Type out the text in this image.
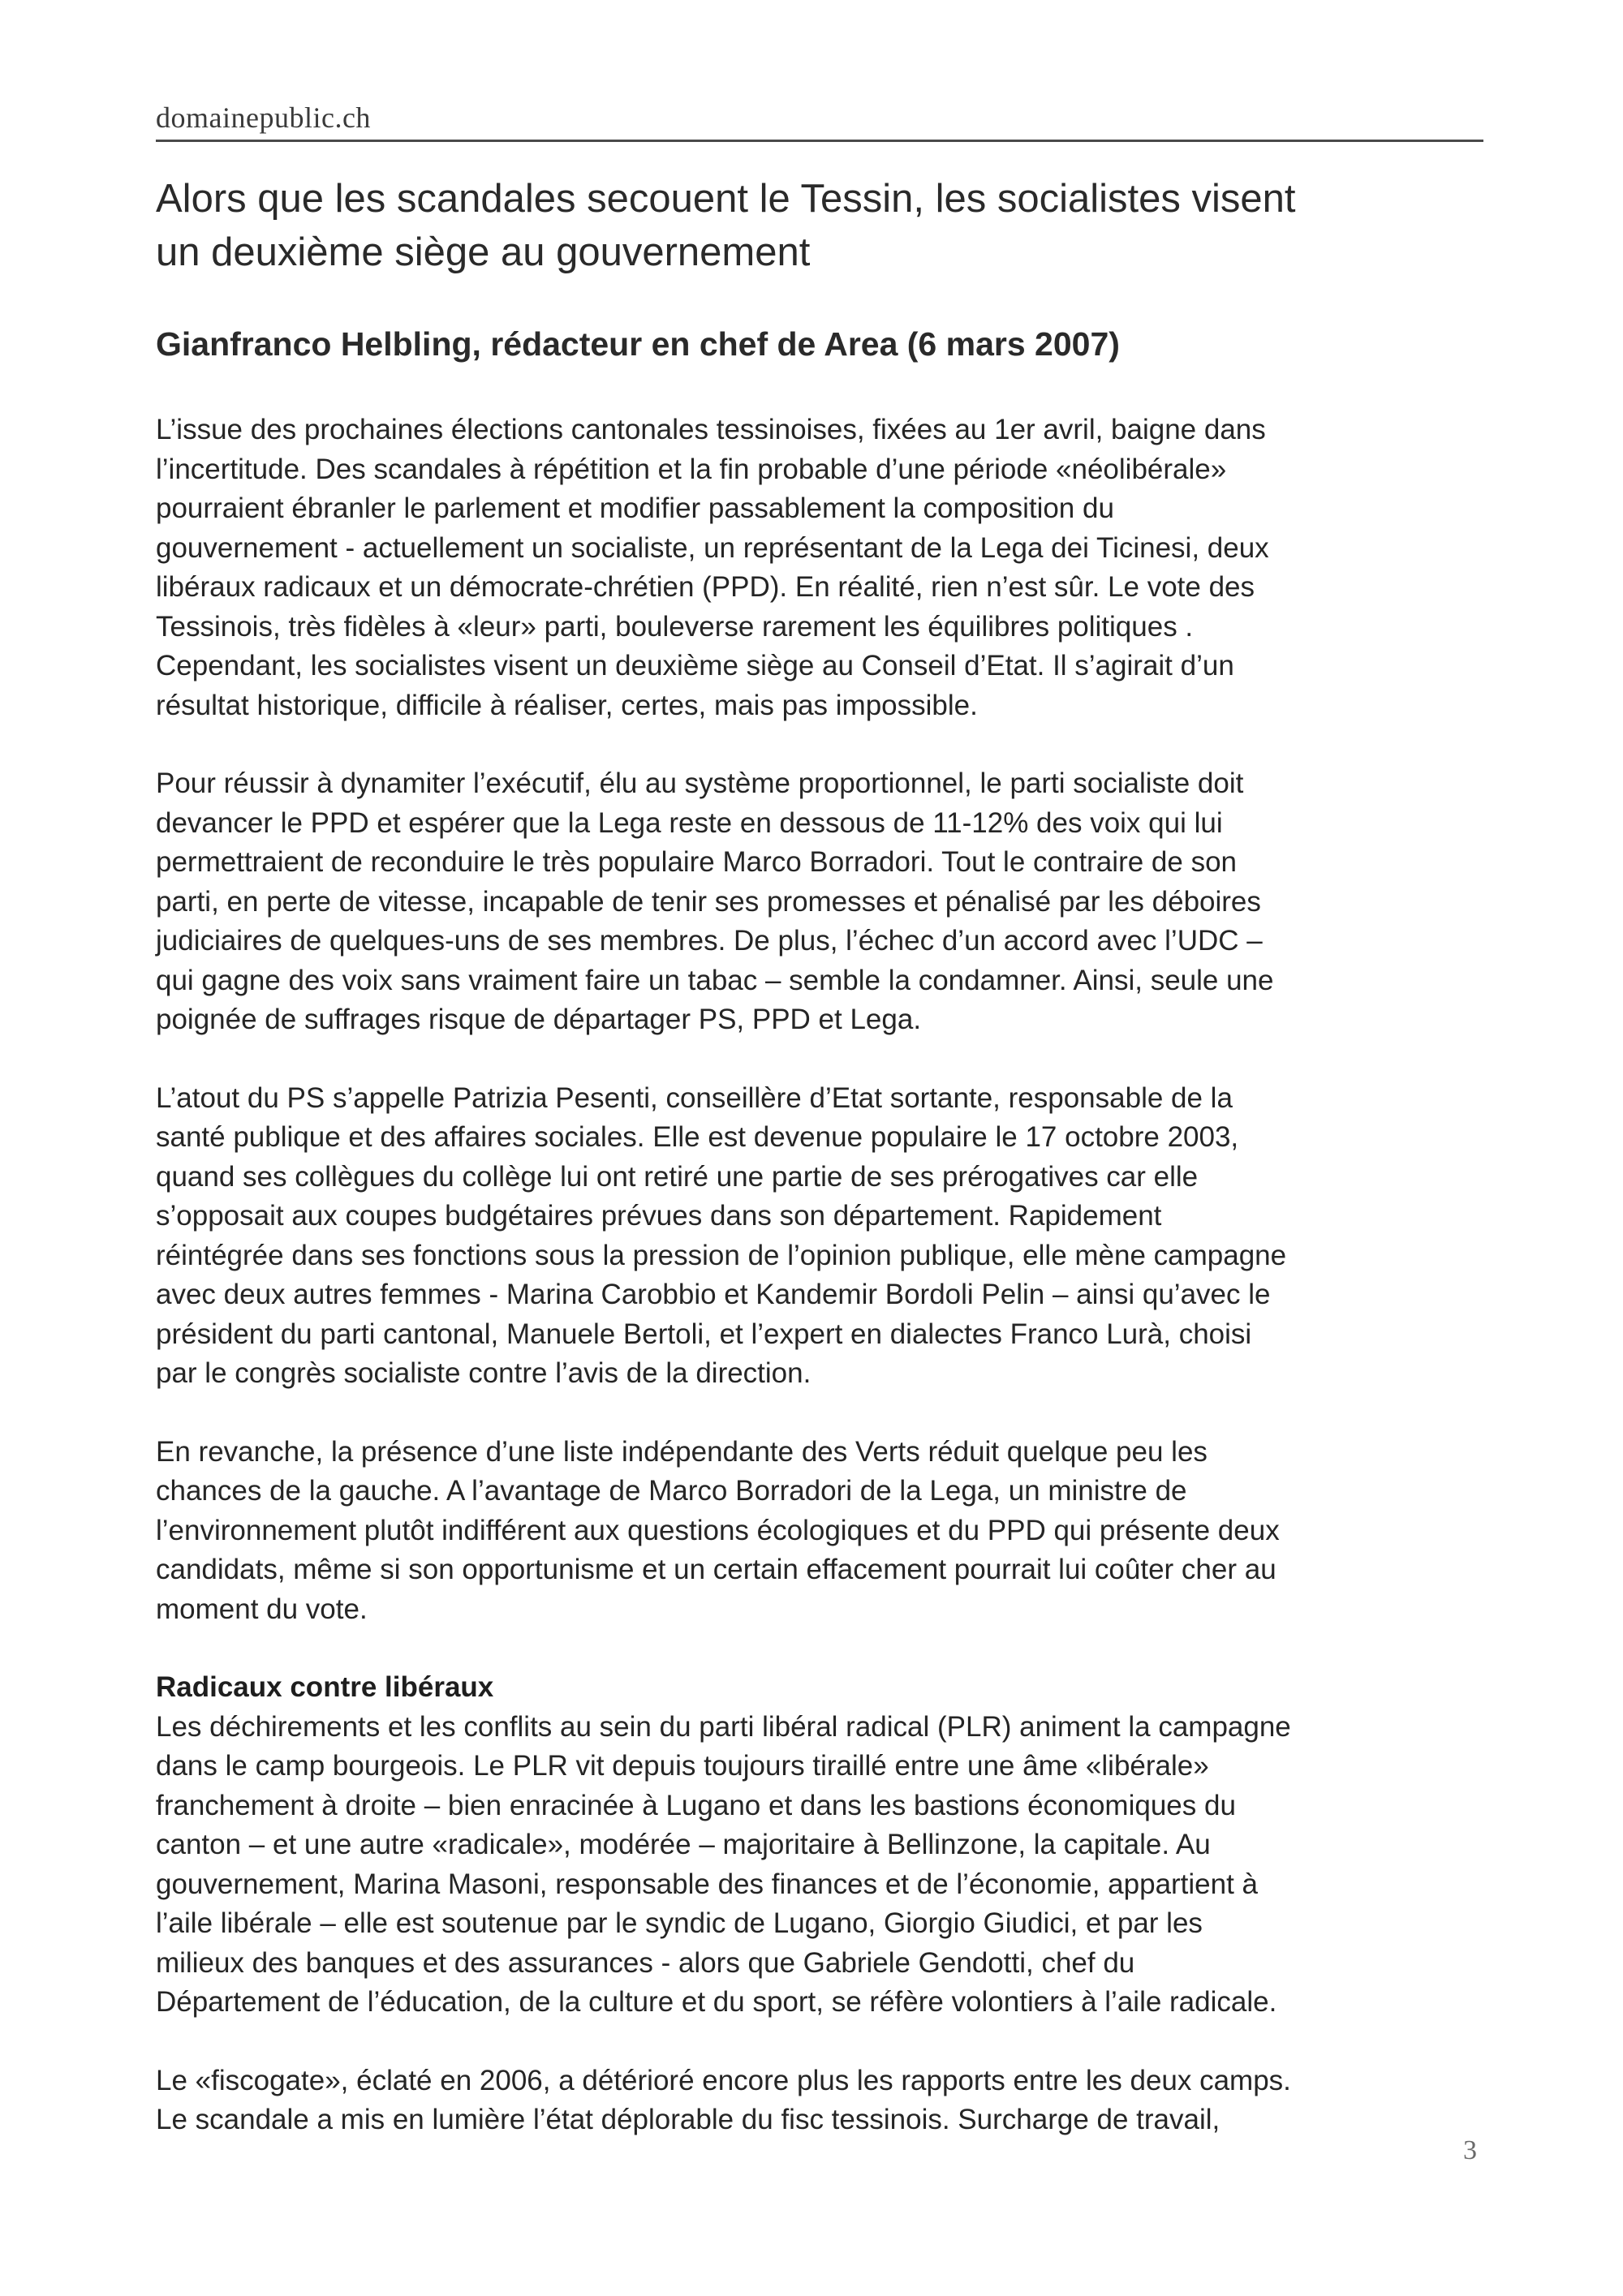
domainepublic.ch
Alors que les scandales secouent le Tessin, les socialistes visent
un deuxième siège au gouvernement
Gianfranco Helbling, rédacteur en chef de Area (6 mars 2007)

L’issue des prochaines élections cantonales tessinoises, fixées au 1er avril, baigne dans
l’incertitude. Des scandales à répétition et la fin probable d’une période «néolibérale»
pourraient ébranler le parlement et modifier passablement la composition du
gouvernement - actuellement un socialiste, un représentant de la Lega dei Ticinesi, deux
libéraux radicaux et un démocrate-chrétien (PPD). En réalité, rien n’est sûr. Le vote des
Tessinois, très fidèles à «leur» parti, bouleverse rarement les équilibres politiques .
Cependant, les socialistes visent un deuxième siège au Conseil d’Etat. Il s’agirait d’un
résultat historique, difficile à réaliser, certes, mais pas impossible.

Pour réussir à dynamiter l’exécutif, élu au système proportionnel, le parti socialiste doit
devancer le PPD et espérer que la Lega reste en dessous de 11-12% des voix qui lui
permettraient de reconduire le très populaire Marco Borradori. Tout le contraire de son
parti, en perte de vitesse, incapable de tenir ses promesses et pénalisé par les déboires
judiciaires de quelques-uns de ses membres. De plus, l’échec d’un accord avec l’UDC –
qui gagne des voix sans vraiment faire un tabac – semble la condamner. Ainsi, seule une
poignée de suffrages risque de départager PS, PPD et Lega.

L’atout du PS s’appelle Patrizia Pesenti, conseillère d’Etat sortante, responsable de la
santé publique et des affaires sociales. Elle est devenue populaire le 17 octobre 2003,
quand ses collègues du collège lui ont retiré une partie de ses prérogatives car elle
s’opposait aux coupes budgétaires prévues dans son département. Rapidement
réintégrée dans ses fonctions sous la pression de l’opinion publique, elle mène campagne
avec deux autres femmes - Marina Carobbio et Kandemir Bordoli Pelin – ainsi qu’avec le
président du parti cantonal, Manuele Bertoli, et l’expert en dialectes Franco Lurà, choisi
par le congrès socialiste contre l’avis de la direction.

En revanche, la présence d’une liste indépendante des Verts réduit quelque peu les
chances de la gauche. A l’avantage de Marco Borradori de la Lega, un ministre de
l’environnement plutôt indifférent aux questions écologiques et du PPD qui présente deux
candidats, même si son opportunisme et un certain effacement pourrait lui coûter cher au
moment du vote.

Radicaux contre libéraux

Les déchirements et les conflits au sein du parti libéral radical (PLR) animent la campagne
dans le camp bourgeois. Le PLR vit depuis toujours tiraillé entre une âme «libérale»
franchement à droite – bien enracinée à Lugano et dans les bastions économiques du
canton – et une autre «radicale», modérée – majoritaire à Bellinzone, la capitale. Au
gouvernement, Marina Masoni, responsable des finances et de l’économie, appartient à
l’aile libérale – elle est soutenue par le syndic de Lugano, Giorgio Giudici, et par les
milieux des banques et des assurances - alors que Gabriele Gendotti, chef du
Département de l’éducation, de la culture et du sport, se réfère volontiers à l’aile radicale.

Le «fiscogate», éclaté en 2006, a détérioré encore plus les rapports entre les deux camps.
Le scandale a mis en lumière l’état déplorable du fisc tessinois. Surcharge de travail,

3
